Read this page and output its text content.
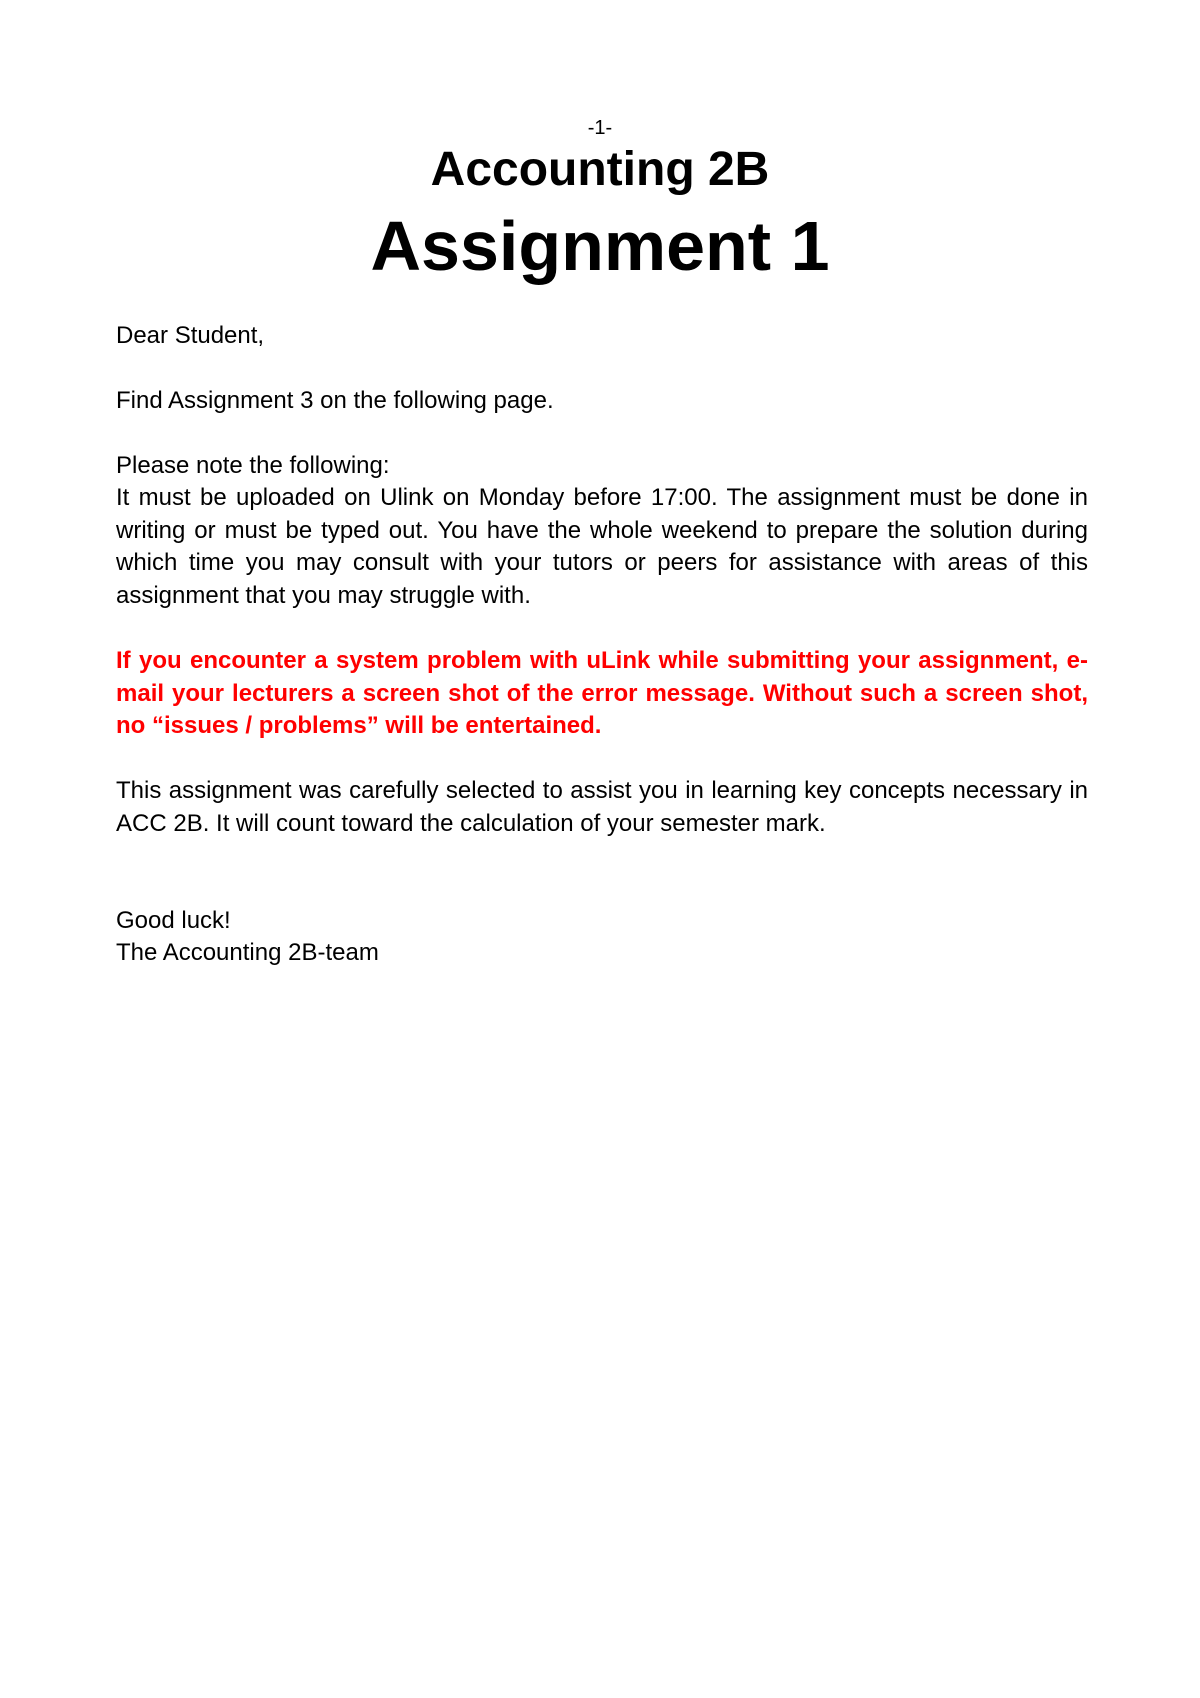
-1-
Accounting 2B
Assignment 1
Dear Student,
Find Assignment 3 on the following page.
Please note the following:
It must be uploaded on Ulink on Monday before 17:00. The assignment must be done in writing or must be typed out. You have the whole weekend to prepare the solution during which time you may consult with your tutors or peers for assistance with areas of this assignment that you may struggle with.
If you encounter a system problem with uLink while submitting your assignment, e-mail your lecturers a screen shot of the error message. Without such a screen shot, no “issues / problems” will be entertained.
This assignment was carefully selected to assist you in learning key concepts necessary in ACC 2B. It will count toward the calculation of your semester mark.
Good luck!
The Accounting 2B-team
